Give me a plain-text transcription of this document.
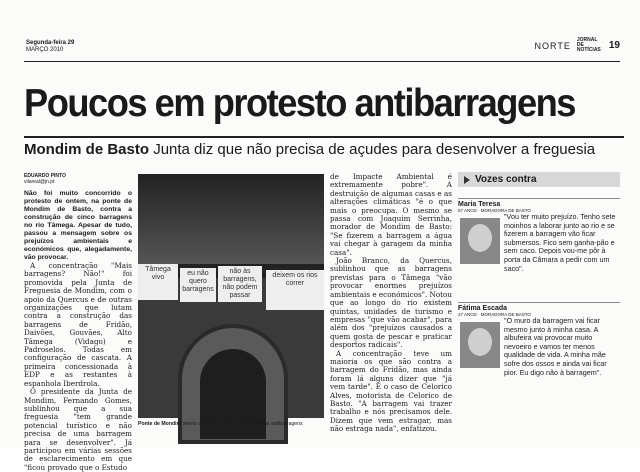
Segunda-feira 29
MARÇO 2010	NORTE
JORNAL DE NOTÍCIAS 19
Poucos em protesto antibarragens
Mondim de Basto Junta diz que não precisa de açudes para desenvolver a freguesia
EDUARDO PINTO
vilareal@jn.pt

Não foi muito concorrido o protesto de ontem, na ponte de Mondim de Basto, contra a construção de cinco barragens no rio Tâmega. Apesar de tudo, passou a mensagem sobre os prejuízos ambientais e económicos que, alegadamente, vão provocar.

A concentração "Mais barragens? Não!" foi promovida pela Junta de Freguesia de Mondim, com o apoio da Quercus e de outras organizações que lutam contra a construção das barragens de Fridão, Daivões, Gouvães, Alto Tâmega (Vidago) e Padroselos. Todas em configuração de cascata. A primeira concessionada à EDP e as restantes à espanhola Iberdrola.

O presidente da Junta de Mondim, Fernando Gomes, sublinhou que a sua freguesia "tem grande potencial turístico e não precisa de uma barragem para se desenvolver". Já participou em várias sessões de esclarecimento em que "ficou provado que o Estudo

Tâmega vivo
eu não quero barragens
não às barragens, não podem passar
deixem os rios correr
Ponte de Mondim serviu de suporte para as mensagens antibarragens

de Impacte Ambiental é extremamente pobre". A destruição de algumas casas e as alterações climáticas "é o que mais o preocupa. O mesmo se passa com Joaquim Serrinha, morador de Mondim de Basto: "Se fizerem a barragem a água vai chegar à garagem da minha casa".

João Branco, da Quercus, sublinhou que as barragens previstas para o Tâmega "vão provocar enormes prejuízos ambientais e económicos". Notou que ao longo do rio existem quintas, unidades de turismo e empresas "que vão acabar", para além dos "prejuízos causados a quem gosta de pescar e praticar desportos radicais".

A concentração teve um maioria os que são contra a barragem do Fridão, mas ainda foram lá alguns dizer que "já vem tarde". É o caso de Celorico Alves, motorista de Celorico de Basto. "A barragem vai trazer trabalho e nós precisamos dele. Dizem que vem estragar, mas não estraga nada", enfatizou.

Vozes contra
Maria Teresa
57 ANOS · MORADORA DE BASTO
"Vou ter muito prejuízo. Tenho sete moinhos a laborar junto ao rio e se fizerem a barragem vão ficar submersos. Fico sem ganha-pão e sem caco. Depois vou-me pôr à porta da Câmara a pedir com um saco".
Fátima Escada
27 ANOS · MORADORA DE BASTO
"O muro da barragem vai ficar mesmo junto à minha casa. A albufeira vai provocar muito nevoeiro e vamos ter menos qualidade de vida. A minha mãe sofre dos ossos e ainda vai ficar pior. Eu digo não à barragem".
